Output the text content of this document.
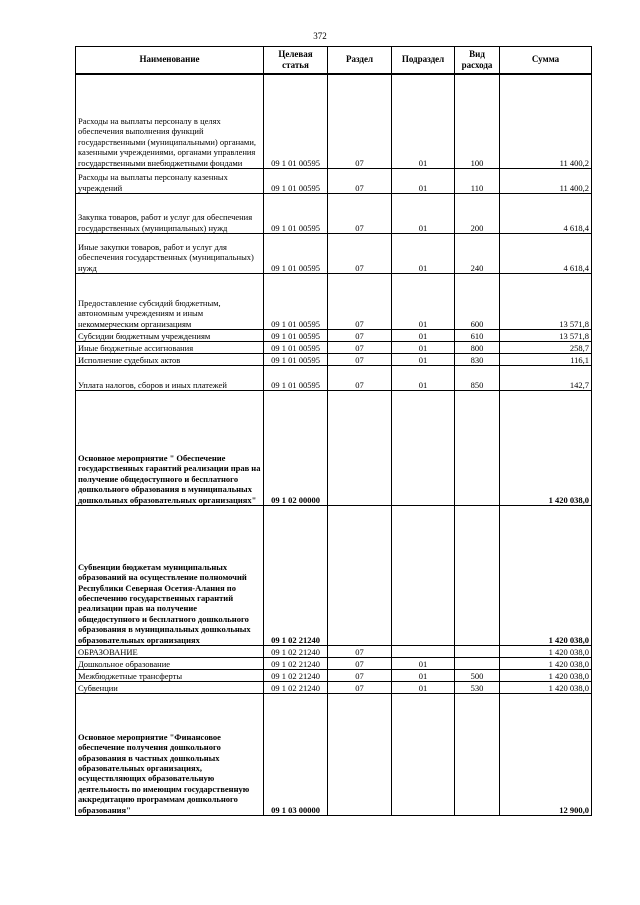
372
Наименование	Целевая статья	Раздел	Подраздел	Вид расхода	Сумма
Расходы на выплаты персоналу в целях обеспечения выполнения функций государственными (муниципальными) органами, казенными учреждениями, органами управления государственными внебюджетными фондами	09 1 01 00595	07	01	100	11 400,2
Расходы на выплаты персоналу казенных учреждений	09 1 01 00595	07	01	110	11 400,2
Закупка товаров, работ и услуг для обеспечения государственных (муниципальных) нужд	09 1 01 00595	07	01	200	4 618,4
Иные закупки товаров, работ и услуг для обеспечения государственных (муниципальных) нужд	09 1 01 00595	07	01	240	4 618,4
Предоставление субсидий бюджетным, автономным учреждениям и иным некоммерческим организациям	09 1 01 00595	07	01	600	13 571,8
Субсидии бюджетным учреждениям	09 1 01 00595	07	01	610	13 571,8
Иные бюджетные ассигнования	09 1 01 00595	07	01	800	258,7
Исполнение судебных актов	09 1 01 00595	07	01	830	116,1
Уплата налогов, сборов и иных платежей	09 1 01 00595	07	01	850	142,7
Основное мероприятие " Обеспечение государственных гарантий реализации прав на получение общедоступного и бесплатного дошкольного образования в муниципальных дошкольных образовательных организациях"	09 1 02 00000				1 420 038,0
Субвенции бюджетам муниципальных образований на осуществление полномочий Республики Северная Осетия-Алания по обеспечению государственных гарантий реализации прав на получение общедоступного и бесплатного дошкольного образования в муниципальных дошкольных образовательных организациях	09 1 02 21240				1 420 038,0
ОБРАЗОВАНИЕ	09 1 02 21240	07			1 420 038,0
Дошкольное образование	09 1 02 21240	07	01		1 420 038,0
Межбюджетные трансферты	09 1 02 21240	07	01	500	1 420 038,0
Субвенции	09 1 02 21240	07	01	530	1 420 038,0
Основное мероприятие "Финансовое обеспечение получения дошкольного образования в частных дошкольных образовательных организациях, осуществляющих образовательную деятельность по имеющим государственную аккредитацию программам дошкольного образования"	09 1 03 00000				12 900,0
